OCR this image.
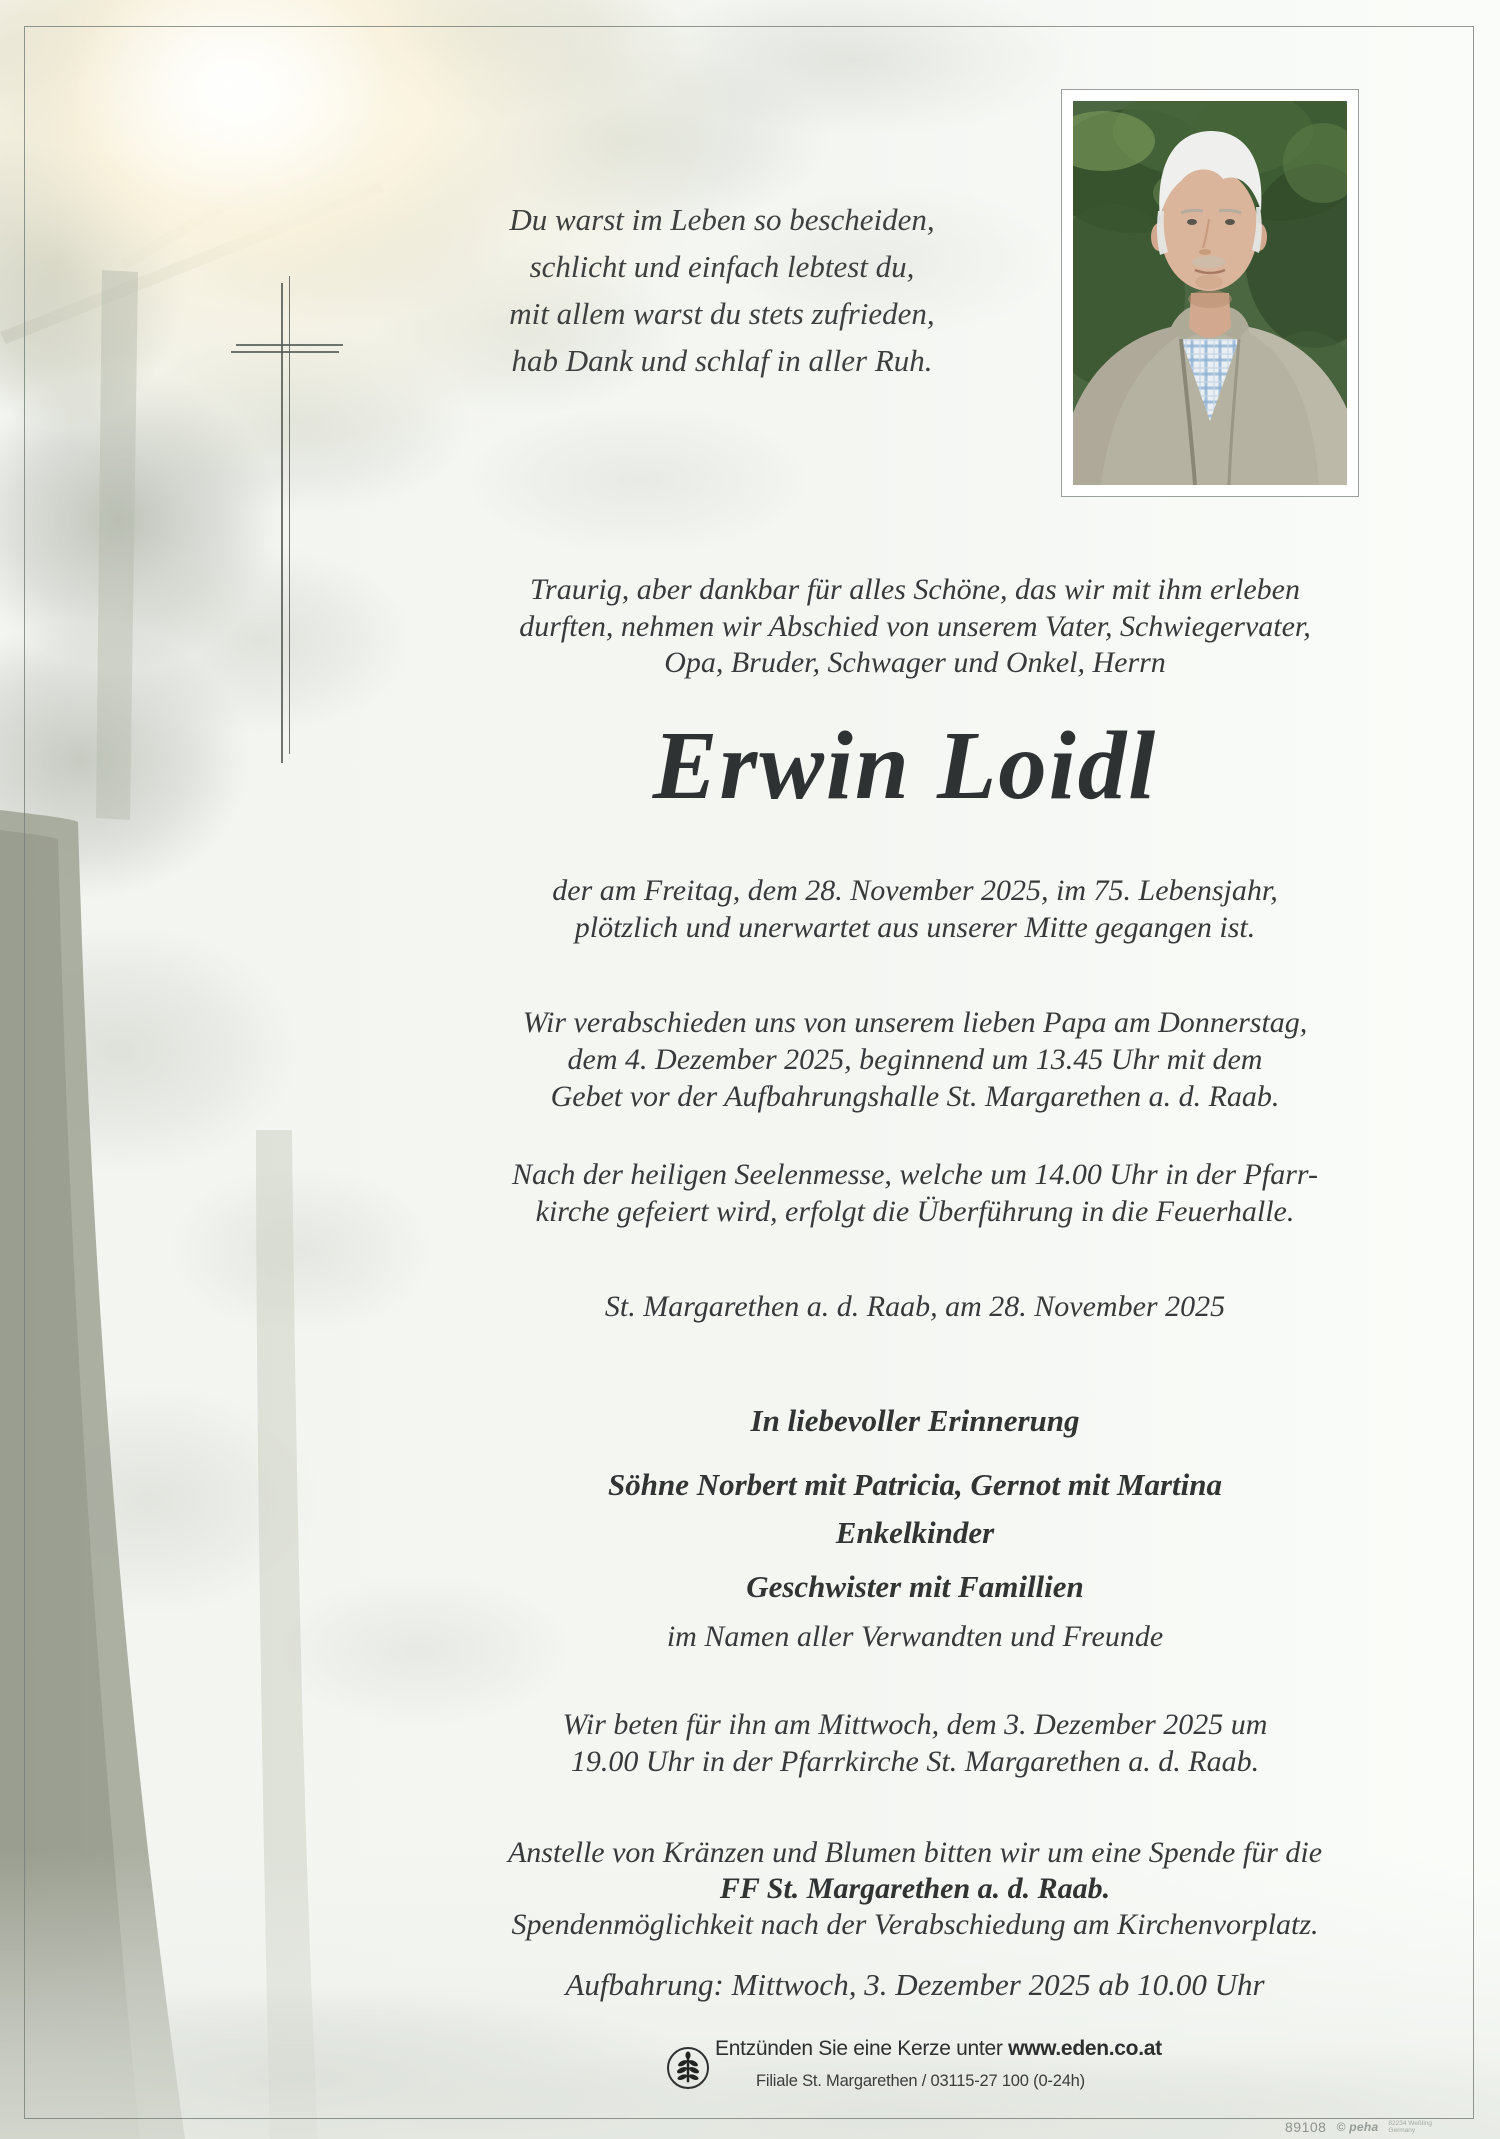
Du warst im Leben so bescheiden,
schlicht und einfach lebtest du,
mit allem warst du stets zufrieden,
hab Dank und schlaf in aller Ruh.
Traurig, aber dankbar für alles Schöne, das wir mit ihm erleben
durften, nehmen wir Abschied von unserem Vater, Schwiegervater,
Opa, Bruder, Schwager und Onkel, Herrn
Erwin Loidl
der am Freitag, dem 28. November 2025, im 75. Lebensjahr,
plötzlich und unerwartet aus unserer Mitte gegangen ist.
Wir verabschieden uns von unserem lieben Papa am Donnerstag,
dem 4. Dezember 2025, beginnend um 13.45 Uhr mit dem
Gebet vor der Aufbahrungshalle St. Margarethen a. d. Raab.
Nach der heiligen Seelenmesse, welche um 14.00 Uhr in der Pfarr-
kirche gefeiert wird, erfolgt die Überführung in die Feuerhalle.
St. Margarethen a. d. Raab, am 28. November 2025
In liebevoller Erinnerung
Söhne Norbert mit Patricia, Gernot mit Martina
Enkelkinder
Geschwister mit Famillien
im Namen aller Verwandten und Freunde
Wir beten für ihn am Mittwoch, dem 3. Dezember 2025 um
19.00 Uhr in der Pfarrkirche St. Margarethen a. d. Raab.
Anstelle von Kränzen und Blumen bitten wir um eine Spende für die
FF St. Margarethen a. d. Raab.
Spendenmöglichkeit nach der Verabschiedung am Kirchenvorplatz.
Aufbahrung: Mittwoch, 3. Dezember 2025 ab 10.00 Uhr
Entzünden Sie eine Kerze unter www.eden.co.at
Filiale St. Margarethen / 03115-27 100 (0-24h)
89108 © peha 82234 Weßling
Germany
